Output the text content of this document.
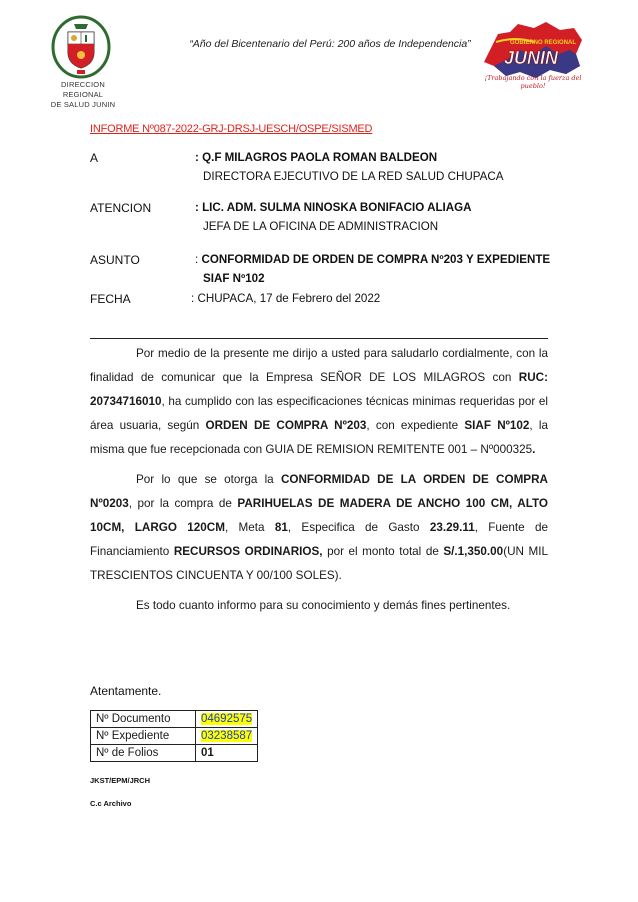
DIRECCION REGIONAL
DE SALUD JUNIN
“Año del Bicentenario del Perú: 200 años de Independencia”	GOBIERNO REGIONAL
JUNIN
¡Trabajando con la fuerza del pueblo!
INFORME Nº087-2022-GRJ-DRSJ-UESCH/OSPE/SISMED
A	: Q.F MILAGROS PAOLA ROMAN BALDEON
DIRECTORA EJECUTIVO DE LA RED SALUD CHUPACA
ATENCION	: LIC. ADM. SULMA NINOSKA BONIFACIO ALIAGA
JEFA DE LA OFICINA DE ADMINISTRACION
ASUNTO	: CONFORMIDAD DE ORDEN DE COMPRA Nº203 Y EXPEDIENTE
SIAF Nº102
FECHA	: CHUPACA, 17 de Febrero del 2022
Por medio de la presente me dirijo a usted para saludarlo cordialmente, con la finalidad de comunicar que la Empresa SEÑOR DE LOS MILAGROS con RUC: 20734716010, ha cumplido con las especificaciones técnicas minimas requeridas por el área usuaria, según ORDEN DE COMPRA Nº203, con expediente SIAF Nº102, la misma que fue recepcionada con GUIA DE REMISION REMITENTE 001 – Nº000325.
Por lo que se otorga la CONFORMIDAD DE LA ORDEN DE COMPRA Nº0203, por la compra de PARIHUELAS DE MADERA DE ANCHO 100 CM, ALTO 10CM, LARGO 120CM, Meta 81, Especifica de Gasto 23.29.11, Fuente de Financiamiento RECURSOS ORDINARIOS, por el monto total de S/.1,350.00(UN MIL TRESCIENTOS CINCUENTA Y 00/100 SOLES).
Es todo cuanto informo para su conocimiento y demás fines pertinentes.
Atentamente.
Nº Documento	04692575
Nº Expediente	03238587
Nº de Folios	01
JKST/EPM/JRCH
C.c Archivo
